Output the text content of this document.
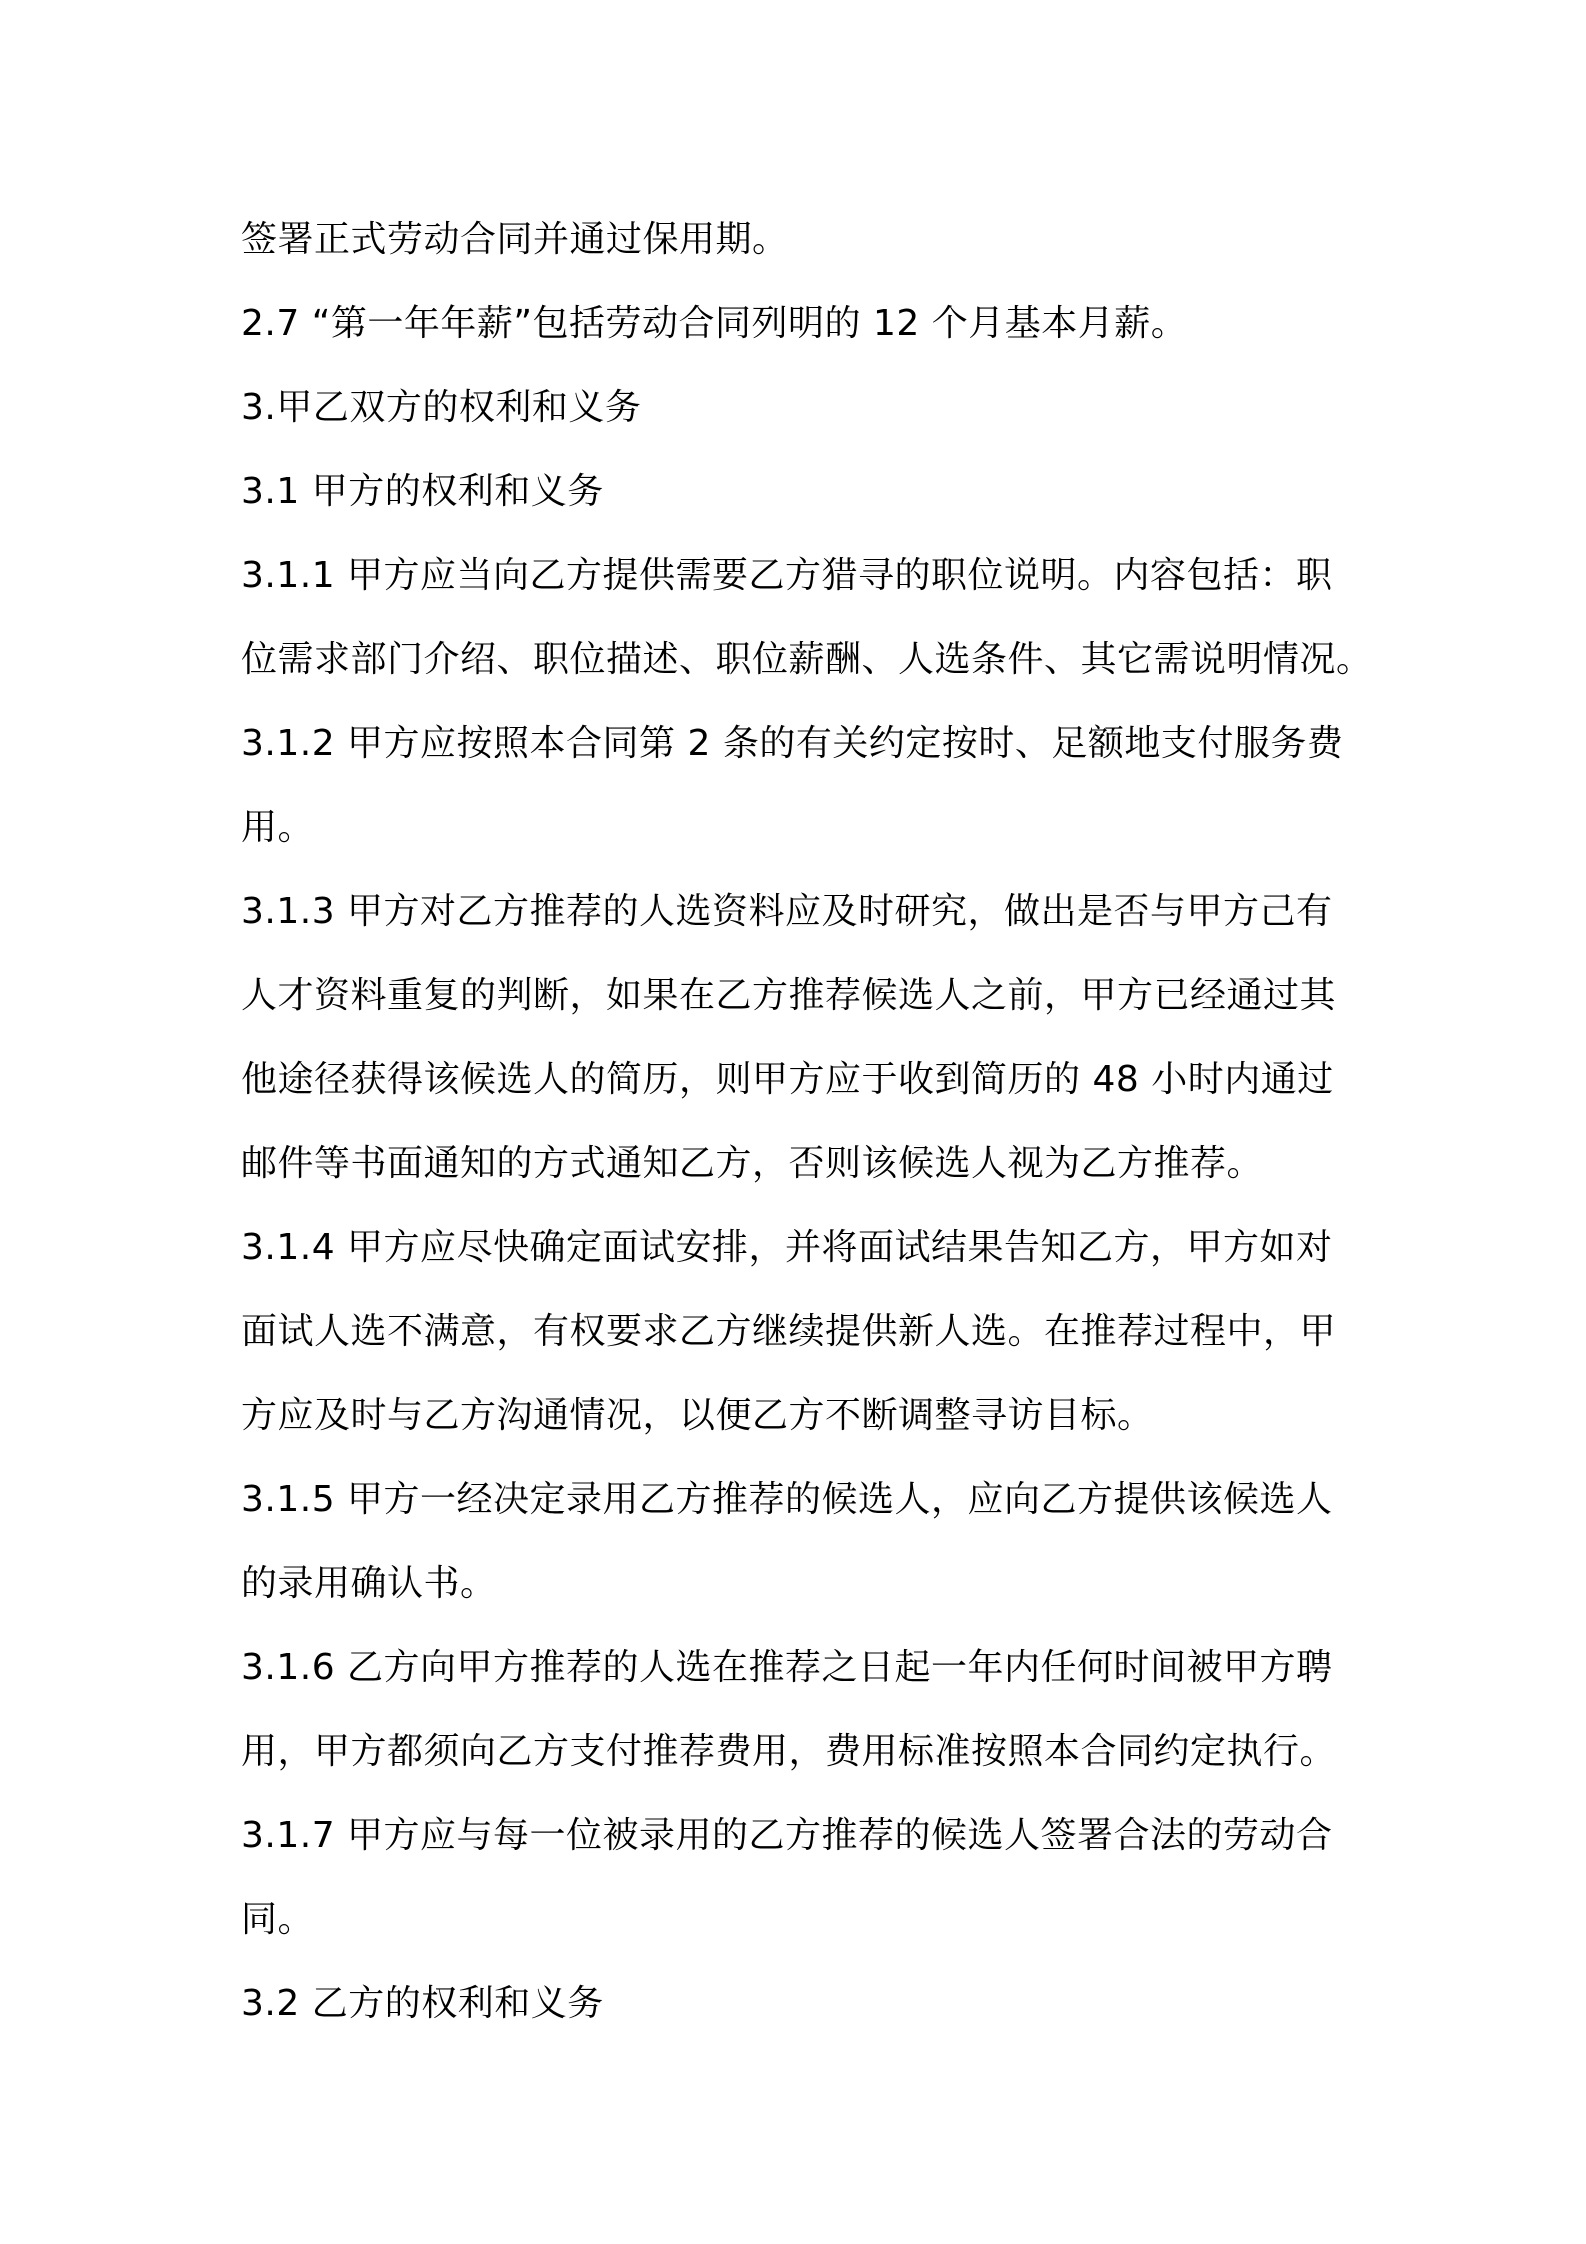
签署正式劳动合同并通过保用期。
2.7 “第一年年薪”包括劳动合同列明的 12 个月基本月薪。
3.甲乙双方的权利和义务
3.1 甲方的权利和义务
3.1.1 甲方应当向乙方提供需要乙方猎寻的职位说明。内容包括：职
位需求部门介绍、职位描述、职位薪酬、人选条件、其它需说明情况。
3.1.2 甲方应按照本合同第 2 条的有关约定按时、足额地支付服务费
用。
3.1.3 甲方对乙方推荐的人选资料应及时研究，做出是否与甲方己有
人才资料重复的判断，如果在乙方推荐候选人之前，甲方已经通过其
他途径获得该候选人的简历，则甲方应于收到简历的 48 小时内通过
邮件等书面通知的方式通知乙方，否则该候选人视为乙方推荐。
3.1.4 甲方应尽快确定面试安排，并将面试结果告知乙方，甲方如对
面试人选不满意，有权要求乙方继续提供新人选。在推荐过程中，甲
方应及时与乙方沟通情况，以便乙方不断调整寻访目标。
3.1.5 甲方一经决定录用乙方推荐的候选人，应向乙方提供该候选人
的录用确认书。
3.1.6 乙方向甲方推荐的人选在推荐之日起一年内任何时间被甲方聘
用，甲方都须向乙方支付推荐费用，费用标准按照本合同约定执行。
3.1.7 甲方应与每一位被录用的乙方推荐的候选人签署合法的劳动合
同。
3.2 乙方的权利和义务
